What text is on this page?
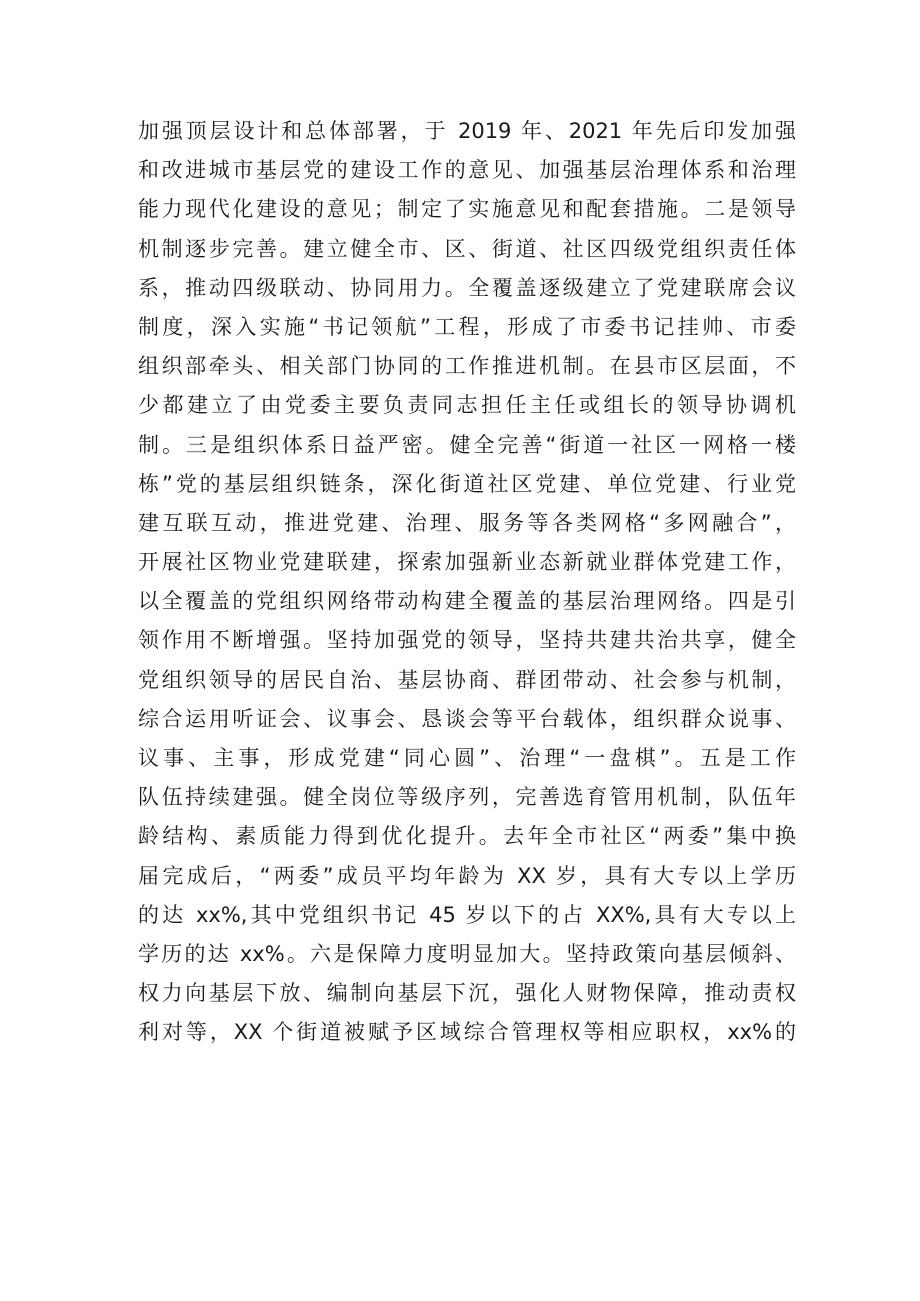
加强顶层设计和总体部署，于 2019 年、2021 年先后印发加强
和改进城市基层党的建设工作的意见、加强基层治理体系和治理
能力现代化建设的意见；制定了实施意见和配套措施。二是领导
机制逐步完善。建立健全市、区、街道、社区四级党组织责任体
系，推动四级联动、协同用力。全覆盖逐级建立了党建联席会议
制度，深入实施“书记领航”工程，形成了市委书记挂帅、市委
组织部牵头、相关部门协同的工作推进机制。在县市区层面，不
少都建立了由党委主要负责同志担任主任或组长的领导协调机
制。三是组织体系日益严密。健全完善“街道一社区一网格一楼
栋”党的基层组织链条，深化街道社区党建、单位党建、行业党
建互联互动，推进党建、治理、服务等各类网格“多网融合”，
开展社区物业党建联建，探索加强新业态新就业群体党建工作，
以全覆盖的党组织网络带动构建全覆盖的基层治理网络。四是引
领作用不断增强。坚持加强党的领导，坚持共建共治共享，健全
党组织领导的居民自治、基层协商、群团带动、社会参与机制，
综合运用听证会、议事会、恳谈会等平台载体，组织群众说事、
议事、主事，形成党建“同心圆”、治理“一盘棋”。五是工作
队伍持续建强。健全岗位等级序列，完善选育管用机制，队伍年
龄结构、素质能力得到优化提升。去年全市社区“两委”集中换
届完成后，“两委”成员平均年龄为 XX 岁，具有大专以上学历
的达 xx%,其中党组织书记 45 岁以下的占 XX%,具有大专以上
学历的达 xx%。六是保障力度明显加大。坚持政策向基层倾斜、
权力向基层下放、编制向基层下沉，强化人财物保障，推动责权
利对等，XX 个街道被赋予区域综合管理权等相应职权，xx%的
